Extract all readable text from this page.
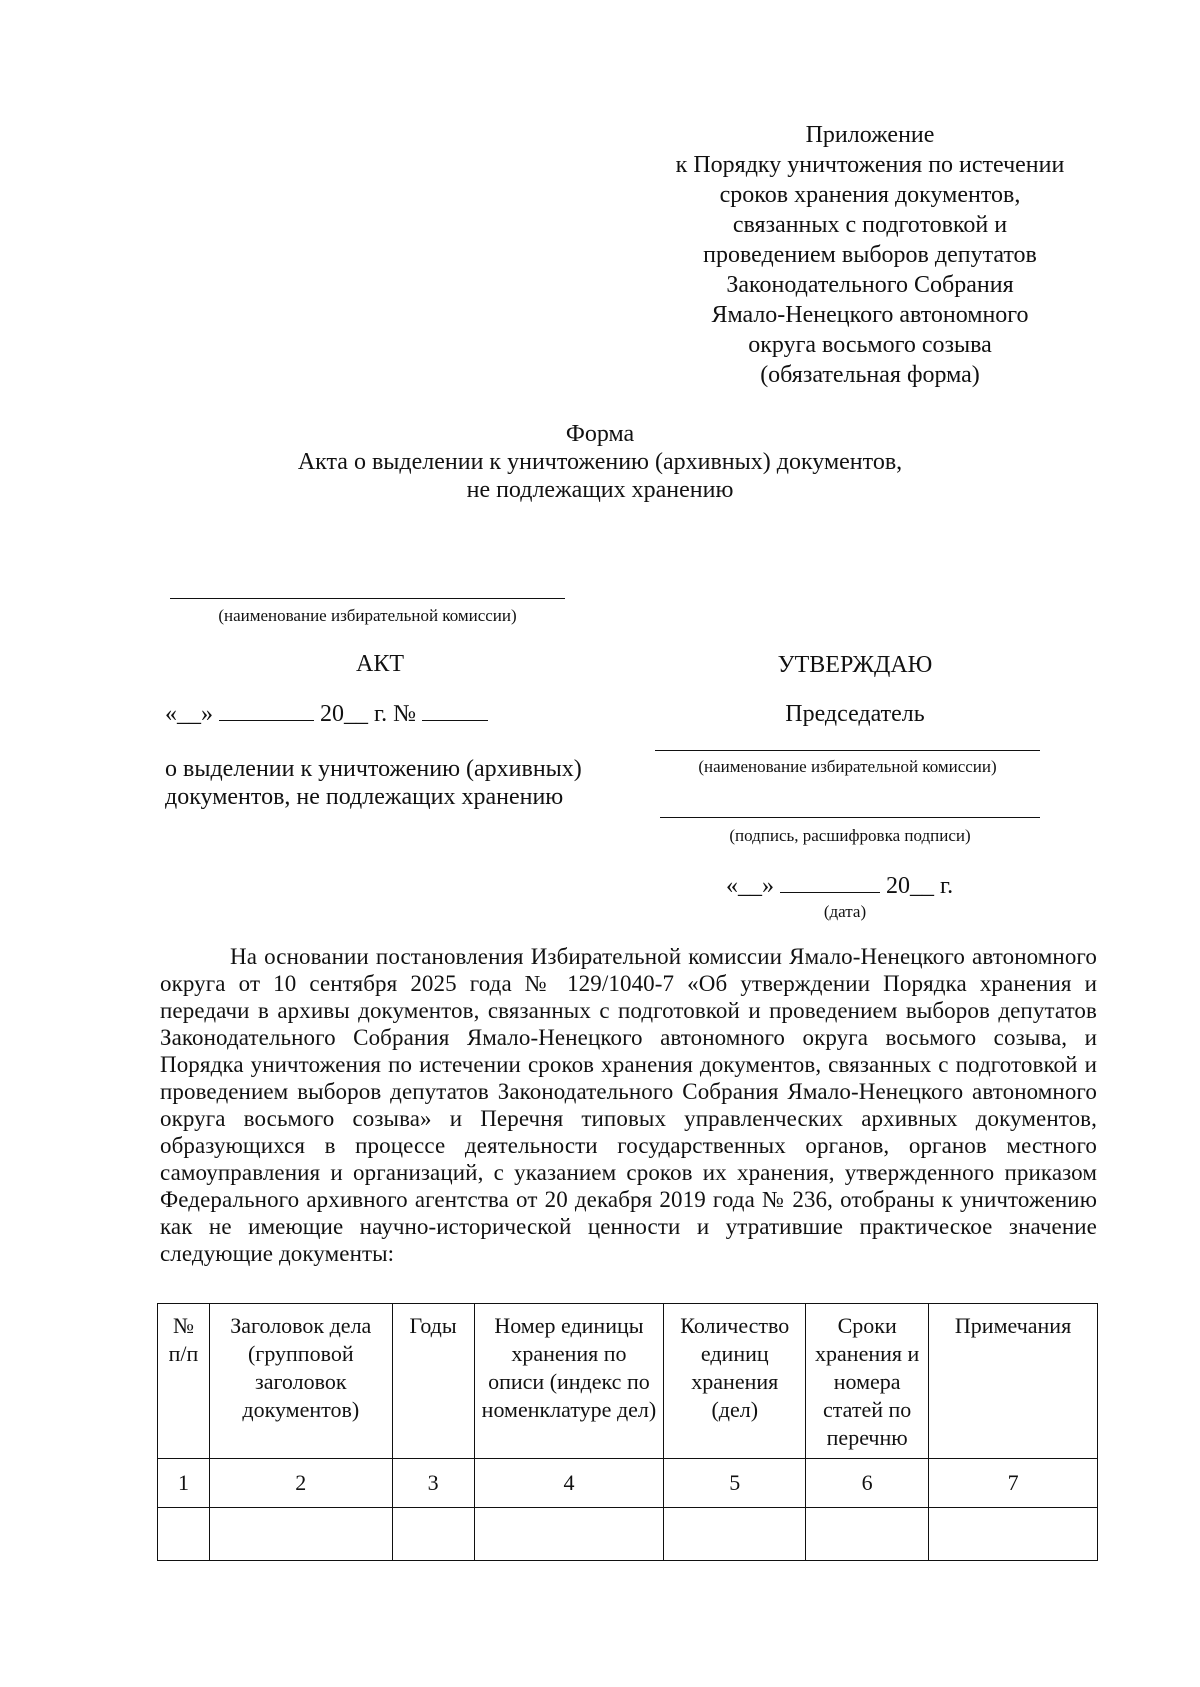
Приложение
к Порядку уничтожения по истечении
сроков хранения документов,
связанных с подготовкой и
проведением выборов депутатов
Законодательного Собрания
Ямало-Ненецкого автономного
округа восьмого созыва
(обязательная форма)
Форма
Акта о выделении к уничтожению (архивных) документов,
не подлежащих хранению
(наименование избирательной комиссии)
АКТ
«__»	20__ г. №
о выделении к уничтожению (архивных)
документов, не подлежащих хранению
УТВЕРЖДАЮ
Председатель
(наименование избирательной комиссии)
(подпись, расшифровка подписи)
«__»	20__ г.
(дата)
На основании постановления Избирательной комиссии Ямало-Ненецкого автономного округа от 10 сентября 2025 года № 129/1040-7 «Об утверждении Порядка хранения и передачи в архивы документов, связанных с подготовкой и проведением выборов депутатов Законодательного Собрания Ямало-Ненецкого автономного округа восьмого созыва, и Порядка уничтожения по истечении сроков хранения документов, связанных с подготовкой и проведением выборов депутатов Законодательного Собрания Ямало-Ненецкого автономного округа восьмого созыва» и Перечня типовых управленческих архивных документов, образующихся в процессе деятельности государственных органов, органов местного самоуправления и организаций, с указанием сроков их хранения, утвержденного приказом Федерального архивного агентства от 20 декабря 2019 года № 236, отобраны к уничтожению как не имеющие научно-исторической ценности и утратившие практическое значение следующие документы:
№ п/п	Заголовок дела (групповой заголовок документов)	Годы	Номер единицы хранения по описи (индекс по номенклатуре дел)	Количество единиц хранения (дел)	Сроки хранения и номера статей по перечню	Примечания
1	2	3	4	5	6	7
